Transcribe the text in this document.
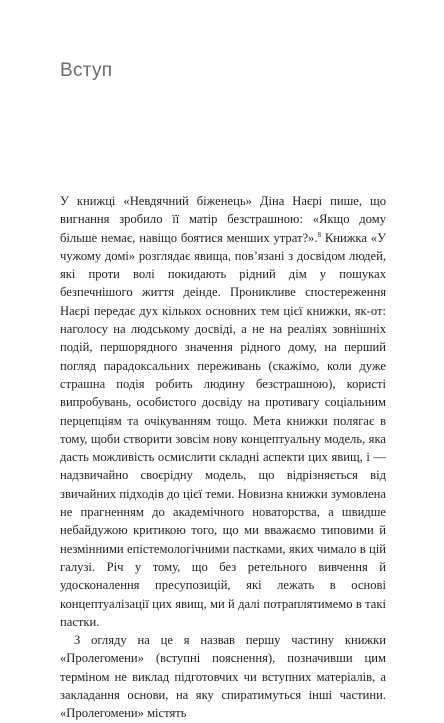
Вступ

У книжці «Невдячний біженець» Діна Наєрі пише, що вигнання зробило її матір безстрашною: «Якщо дому більше немає, навіщо боятися менших утрат?».$^8$ Книжка «У чужому домі» розглядає явища, пов’язані з досвідом людей, які проти волі покидають рідний дім у пошуках безпечнішого життя деінде. Проникливе спостереження Наєрі передає дух кількох основних тем цієї книжки, як-от: наголосу на людському досвіді, а не на реаліях зовнішніх подій, першорядного значення рідного дому, на перший погляд парадоксальних переживань (скажімо, коли дуже страшна подія робить людину безстрашною), користі випробувань, особистого досвіду на противагу соціальним перцепціям та очікуванням тощо. Мета книжки полягає в тому, щоби створити зовсім нову концептуальну модель, яка дасть можливість осмислити складні аспекти цих явищ, і — надзвичайно своєрідну модель, що відрізняється від звичайних підходів до цієї теми. Новизна книжки зумовлена не прагненням до академічного новаторства, а швидше небайдужою критикою того, що ми вважаємо типовими й незмінними епістемологічними пастками, яких чимало в цій галузі. Річ у тому, що без ретельного вивчення й удосконалення пресупозицій, які лежать в основі концептуалізації цих явищ, ми й далі потраплятимемо в такі пастки.

З огляду на це я назвав першу частину книжки «Пролегомени» (вступні пояснення), позначивши цим терміном не виклад підготовчих чи вступних матеріалів, а закладання основи, на яку спиратимуться інші частини. «Пролегомени» містять
